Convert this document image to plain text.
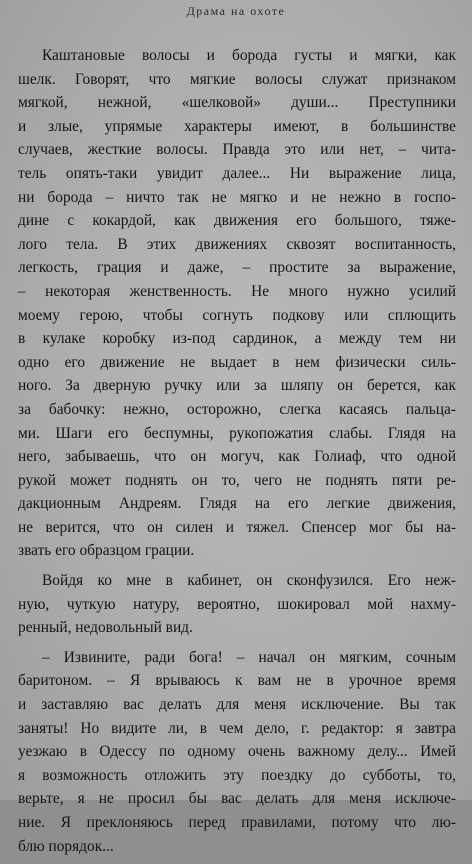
Драма на охоте
Каштановые волосы и борода густы и мягки, как
шелк. Говорят, что мягкие волосы служат признаком
мягкой, нежной, «шелковой» души... Преступники
и злые, упрямые характеры имеют, в большинстве
случаев, жесткие волосы. Правда это или нет, – чита-
тель опять-таки увидит далее... Ни выражение лица,
ни борода – ничто так не мягко и не нежно в госпо-
дине с кокардой, как движения его большого, тяже-
лого тела. В этих движениях сквозят воспитанность,
легкость, грация и даже, – простите за выражение,
– некоторая женственность. Не много нужно усилий
моему герою, чтобы согнуть подкову или сплющить
в кулаке коробку из-под сардинок, а между тем ни
одно его движение не выдает в нем физически силь-
ного. За дверную ручку или за шляпу он берется, как
за бабочку: нежно, осторожно, слегка касаясь пальца-
ми. Шаги его беспумны, рукопожатия слабы. Глядя на
него, забываешь, что он могуч, как Голиаф, что одной
рукой может поднять он то, чего не поднять пяти ре-
дакционным Андреям. Глядя на его легкие движения,
не верится, что он силен и тяжел. Спенсер мог бы на-
звать его образцом грации.
Войдя ко мне в кабинет, он сконфузился. Его неж-
ную, чуткую натуру, вероятно, шокировал мой нахму-
ренный, недовольный вид.
– Извините, ради бога! – начал он мягким, сочным
баритоном. – Я врываюсь к вам не в урочное время
и заставляю вас делать для меня исключение. Вы так
заняты! Но видите ли, в чем дело, г. редактор: я завтра
уезжаю в Одессу по одному очень важному делу... Имей
я возможность отложить эту поездку до субботы, то,
верьте, я не просил бы вас делать для меня исключе-
ние. Я преклоняюсь перед правилами, потому что лю-
блю порядок...
